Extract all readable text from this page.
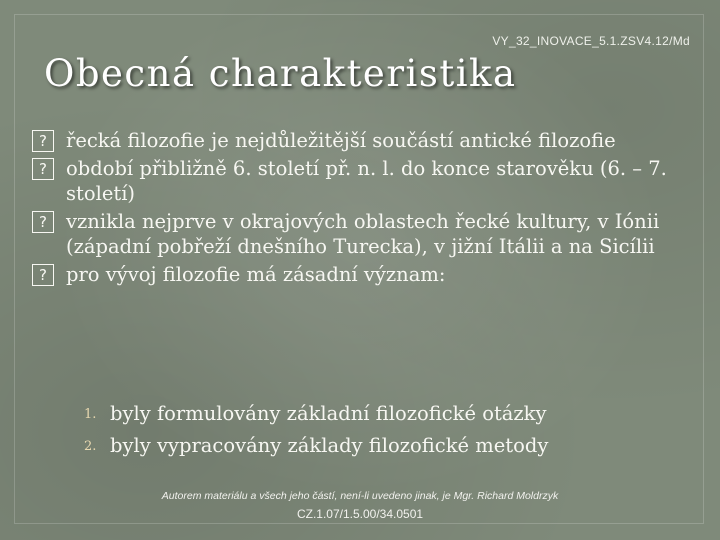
VY_32_INOVACE_5.1.ZSV4.12/Md
Obecná charakteristika
? řecká filozofie je nejdůležitější součástí antické filozofie
? období přibližně 6. století př. n. l. do konce starověku (6. – 7. století)
? vznikla nejprve v okrajových oblastech řecké kultury, v Iónii (západní pobřeží dnešního Turecka), v jižní Itálii a na Sicílii
? pro vývoj filozofie má zásadní význam:
1. byly formulovány základní filozofické otázky
2. byly vypracovány základy filozofické metody
Autorem materiálu a všech jeho částí, není-li uvedeno jinak, je Mgr. Richard Moldrzyk
CZ.1.07/1.5.00/34.0501
